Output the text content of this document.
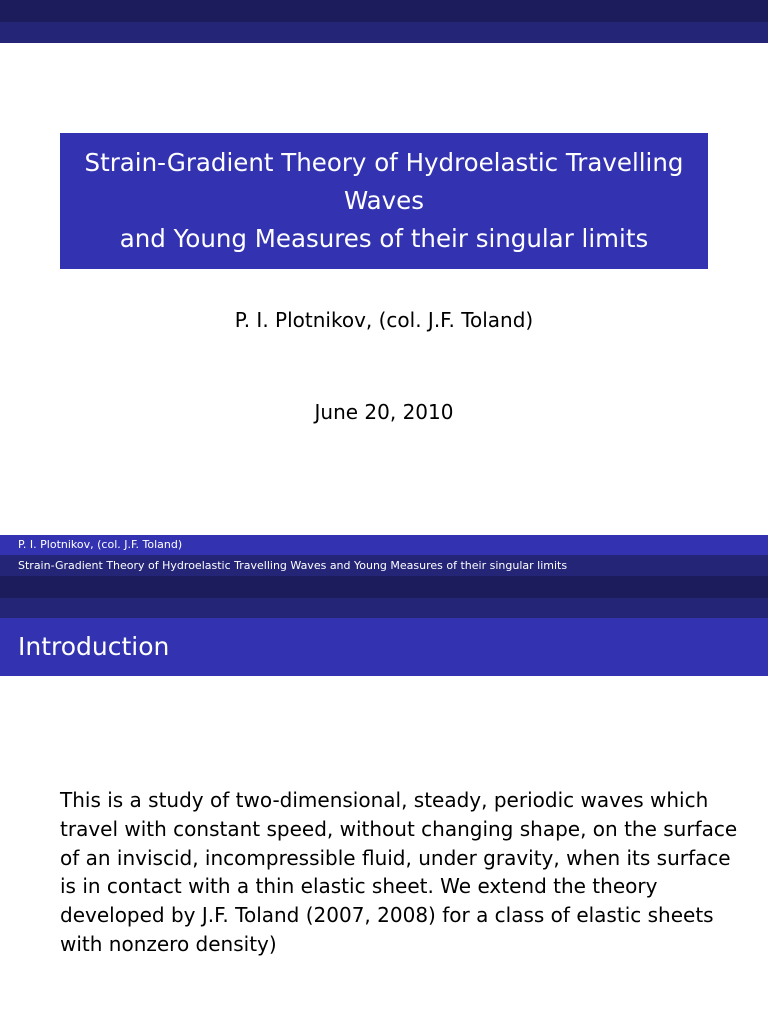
Strain-Gradient Theory of Hydroelastic Travelling
Waves
and Young Measures of their singular limits
P. I. Plotnikov, (col. J.F. Toland)
June 20, 2010
P. I. Plotnikov, (col. J.F. Toland)
Strain-Gradient Theory of Hydroelastic Travelling Waves and Young Measures of their singular limits
Introduction
This is a study of two-dimensional, steady, periodic waves which
travel with constant speed, without changing shape, on the surface
of an inviscid, incompressible fluid, under gravity, when its surface
is in contact with a thin elastic sheet. We extend the theory
developed by J.F. Toland (2007, 2008) for a class of elastic sheets
with nonzero density)
